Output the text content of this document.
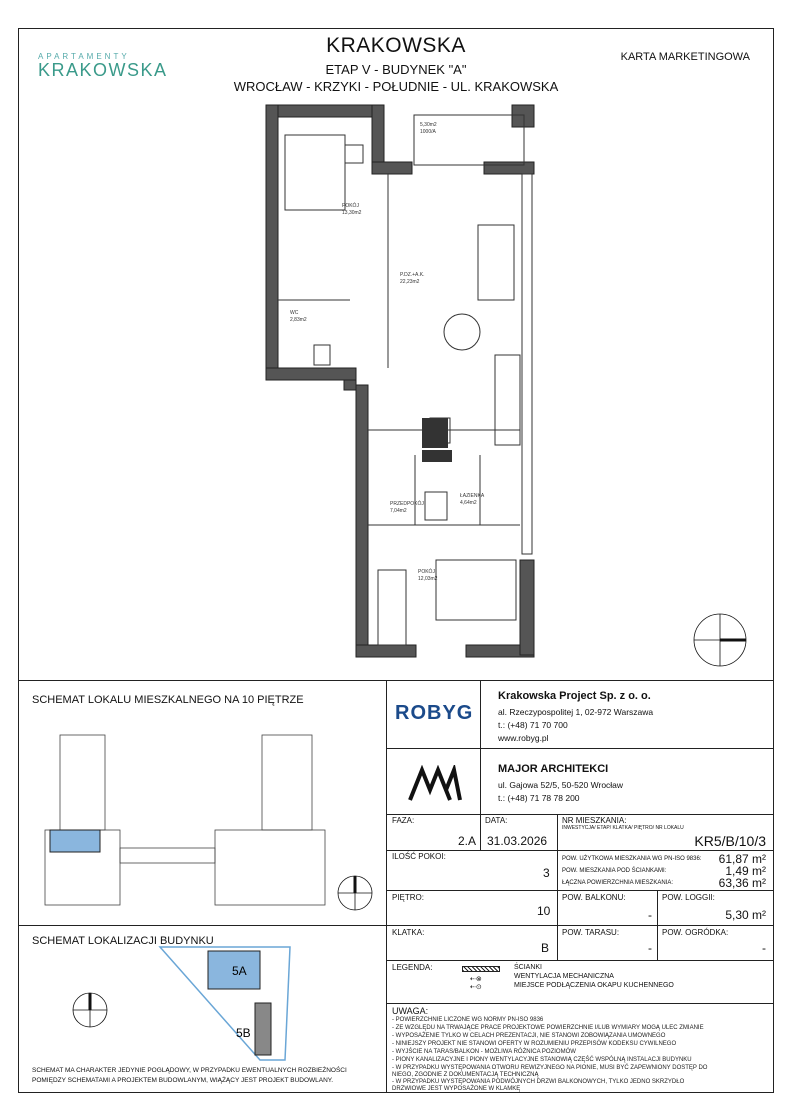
APARTAMENTY
KRAKOWSKA
KRAKOWSKA
ETAP V - BUDYNEK "A"
WROCŁAW - KRZYKI - POŁUDNIE - UL. KRAKOWSKA
KARTA MARKETINGOWA
POKÓJ
13,30m2
5,30m2
1000/A
P.DZ.+A.K.
22,23m2
WC
2,83m2
PRZEDPOKÓJ
7,04m2
ŁAZIENKA
4,64m2
POKÓJ
12,03m2
SCHEMAT LOKALU MIESZKALNEGO NA 10 PIĘTRZE
SCHEMAT LOKALIZACJI BUDYNKU
5A
5B
SCHEMAT MA CHARAKTER JEDYNIE POGLĄDOWY, W PRZYPADKU EWENTUALNYCH ROZBIEŻNOŚCI POMIĘDZY SCHEMATAMI A PROJEKTEM BUDOWLANYM, WIĄŻĄCY JEST PROJEKT BUDOWLANY.
ROBYG
Krakowska Project Sp. z o. o.
al. Rzeczypospolitej 1, 02-972 Warszawa
t.: (+48) 71 70 700
www.robyg.pl
MAJOR ARCHITEKCI
ul. Gajowa 52/5, 50-520 Wrocław
t.: (+48) 71 78 78 200
FAZA:
2.A
DATA:
31.03.2026
NR MIESZKANIA:
INWESTYCJA/ ETAP/ KLATKA/ PIĘTRO/ NR LOKALU
KR5/B/10/3
ILOŚĆ POKOI:
3
POW. UŻYTKOWA MIESZKANIA WG PN-ISO 9836: 61,87 m²
POW. MIESZKANIA POD ŚCIANKAMI:	1,49 m²
ŁĄCZNA POWIERZCHNIA MIESZKANIA:	63,36 m²
PIĘTRO:
10
POW. BALKONU:
-
POW. LOGGII:
5,30 m²
KLATKA:
B
POW. TARASU:
-
POW. OGRÓDKA:
-
LEGENDA:
⇠⊗
⇠⊙
ŚCIANKI
WENTYLACJA MECHANICZNA
MIEJSCE PODŁĄCZENIA OKAPU KUCHENNEGO
UWAGA:
- POWIERZCHNIE LICZONE WG NORMY PN-ISO 9836
- ZE WZGLĘDU NA TRWAJĄCE PRACE PROJEKTOWE POWIERZCHNIE I/LUB WYMIARY MOGĄ ULEC ZMIANIE
- WYPOSAŻENIE TYLKO W CELACH PREZENTACJI, NIE STANOWI ZOBOWIĄZANIA UMOWNEGO
- NINIEJSZY PROJEKT NIE STANOWI OFERTY W ROZUMIENIU PRZEPISÓW KODEKSU CYWILNEGO
- WYJŚCIE NA TARAS/BALKON - MOŻLIWA RÓŻNICA POZIOMÓW
- PIONY KANALIZACYJNE I PIONY WENTYLACYJNE STANOWIĄ CZĘŚĆ WSPÓLNĄ INSTALACJI BUDYNKU
- W PRZYPADKU WYSTĘPOWANIA OTWORU REWIZYJNEGO NA PIONIE, MUSI BYĆ ZAPEWNIONY DOSTĘP DO NIEGO, ZGODNIE Z DOKUMENTACJĄ TECHNICZNĄ
- W PRZYPADKU WYSTĘPOWANIA PODWÓJNYCH DRZWI BALKONOWYCH, TYLKO JEDNO SKRZYDŁO DRZWIOWE JEST WYPOSAŻONE W KLAMKĘ
